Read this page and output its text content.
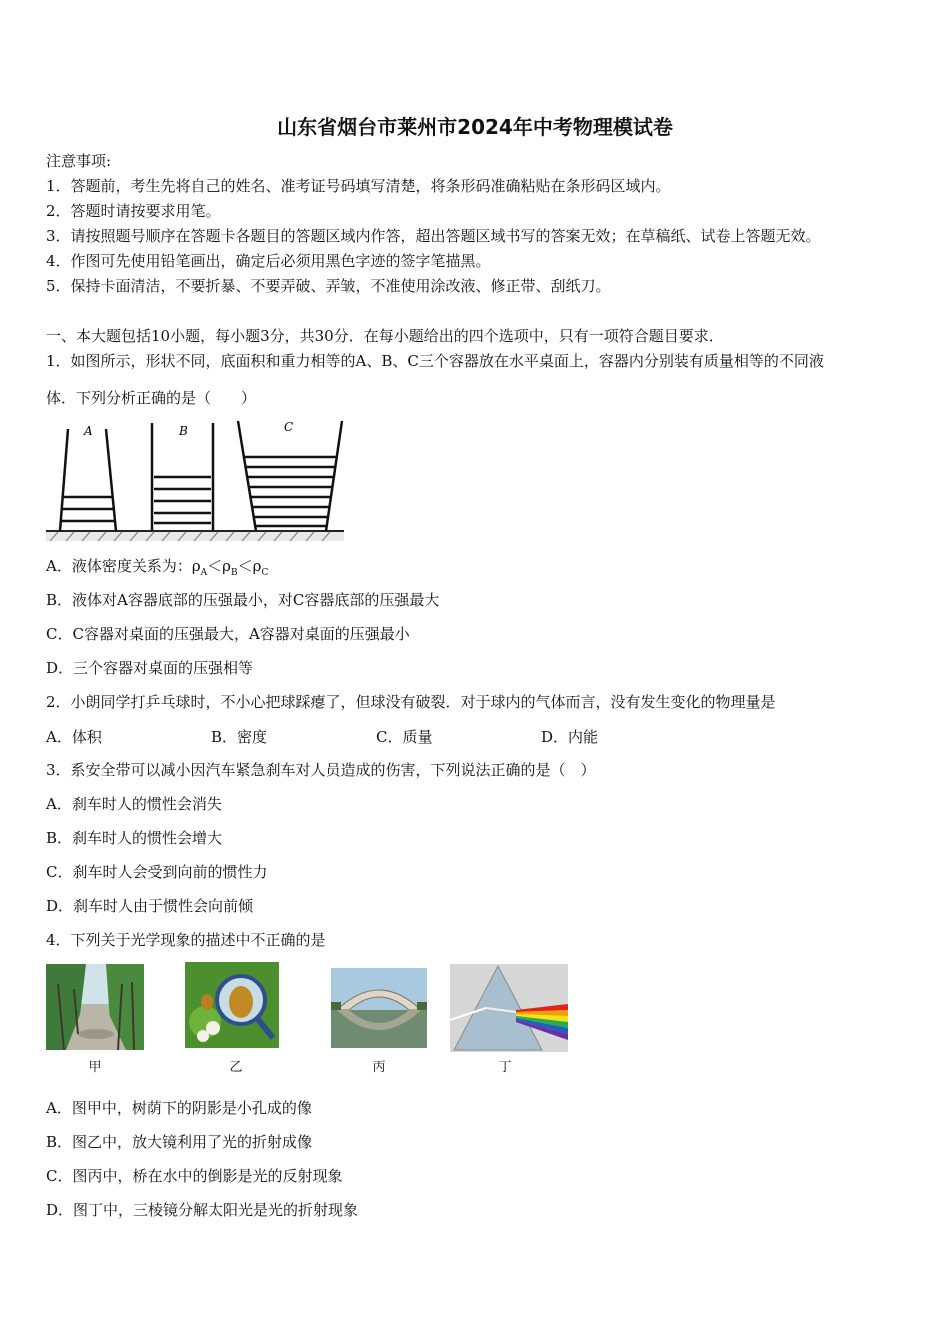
山东省烟台市莱州市2024年中考物理模试卷
注意事项:
1．答题前，考生先将自己的姓名、准考证号码填写清楚，将条形码准确粘贴在条形码区域内。
2．答题时请按要求用笔。
3．请按照题号顺序在答题卡各题目的答题区域内作答，超出答题区域书写的答案无效；在草稿纸、试卷上答题无效。
4．作图可先使用铅笔画出，确定后必须用黑色字迹的签字笔描黑。
5．保持卡面清洁，不要折暴、不要弄破、弄皱，不准使用涂改液、修正带、刮纸刀。
一、本大题包括10小题，每小题3分，共30分．在每小题给出的四个选项中，只有一项符合题目要求．
1．如图所示，形状不同，底面积和重力相等的A、B、C三个容器放在水平桌面上，容器内分别装有质量相等的不同液
体．下列分析正确的是（　　）
A	B	C
A．液体密度关系为：$\rho_A<\rho_B<\rho_C$
B．液体对A容器底部的压强最小，对C容器底部的压强最大
C．C容器对桌面的压强最大，A容器对桌面的压强最小
D．三个容器对桌面的压强相等
2．小朗同学打乒乓球时，不小心把球踩瘪了，但球没有破裂．对于球内的气体而言，没有发生变化的物理量是
A．体积	B．密度	C．质量	D．内能
3．系安全带可以减小因汽车紧急刹车对人员造成的伤害，下列说法正确的是（　）
A．刹车时人的惯性会消失
B．刹车时人的惯性会增大
C．刹车时人会受到向前的惯性力
D．刹车时人由于惯性会向前倾
4．下列关于光学现象的描述中不正确的是
甲	乙	丙	丁
A．图甲中，树荫下的阴影是小孔成的像
B．图乙中，放大镜利用了光的折射成像
C．图丙中，桥在水中的倒影是光的反射现象
D．图丁中，三棱镜分解太阳光是光的折射现象
